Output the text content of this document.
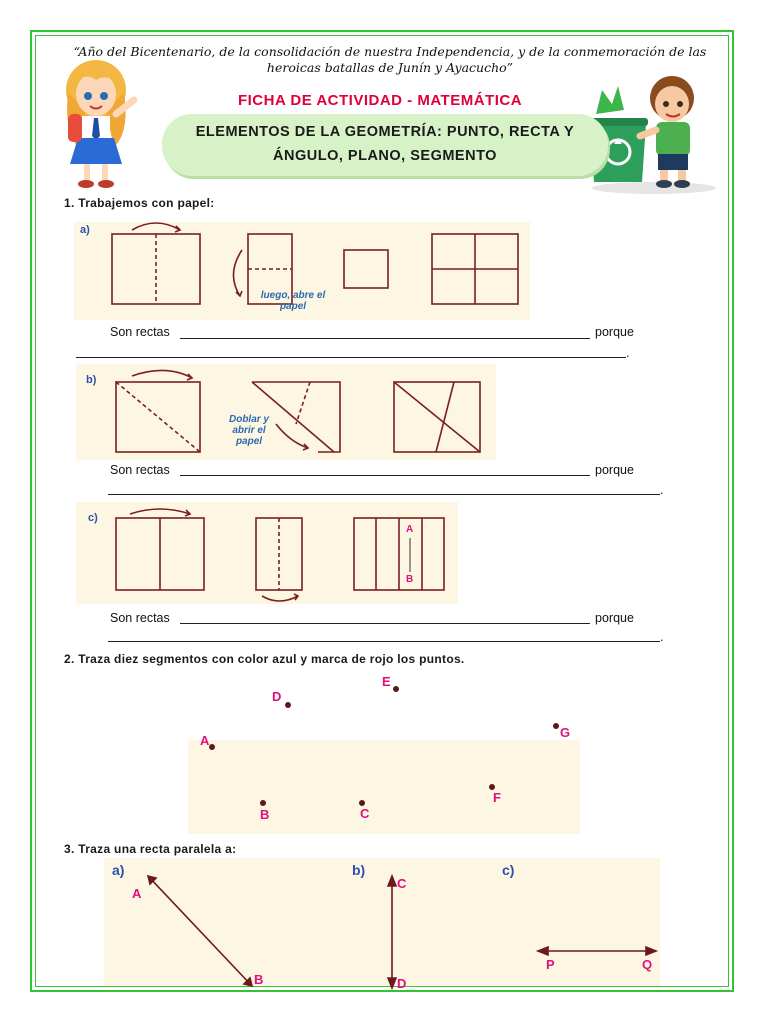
“Año del Bicentenario, de la consolidación de nuestra Independencia, y de la conmemoración de las heroicas batallas de Junín y Ayacucho”
FICHA DE ACTIVIDAD - MATEMÁTICA
ELEMENTOS DE LA GEOMETRÍA: PUNTO, RECTA Y
ÁNGULO, PLANO, SEGMENTO
1. Trabajemos con papel:
a)
luego, abre el papel
Son rectas	porque
.
b)
Doblar y abrir el papel
Son rectas	porque
.
c)
A
B
Son rectas	porque
.
2. Traza diez segmentos con color azul y marca de rojo los puntos.
A
B	C
D
E
F
G
3. Traza una recta paralela a:
a)	b)	c)
A
B
C
D
P	Q
